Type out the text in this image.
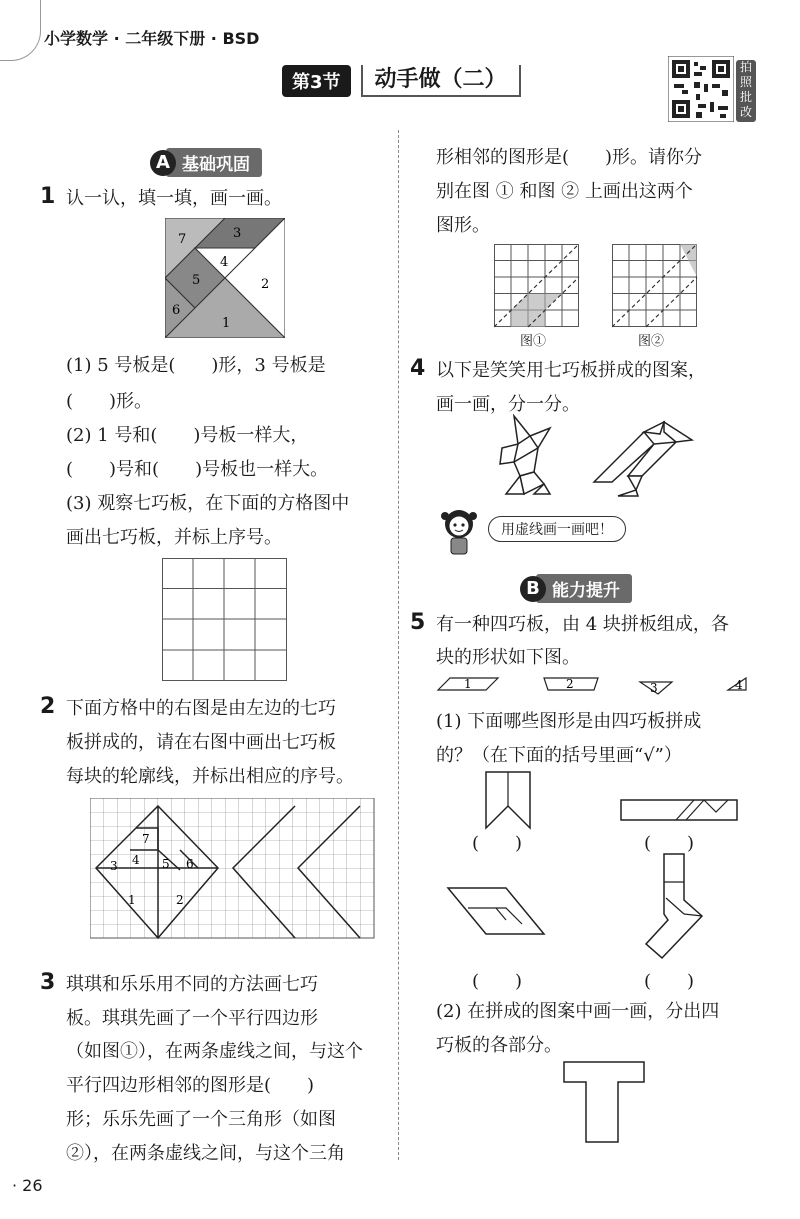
小学数学 · 二年级下册 · BSD
第3节	动手做（二）	拍照批改
A 基础巩固
1 认一认，填一填，画一画。
7	3
4
5	2
6
1
(1) 5 号板是(　　)形，3 号板是
(　　)形。
(2) 1 号和(　　)号板一样大，
(　　)号和(　　)号板也一样大。
(3) 观察七巧板，在下面的方格图中
画出七巧板，并标上序号。
2 下面方格中的右图是由左边的七巧
板拼成的，请在右图中画出七巧板
每块的轮廓线，并标出相应的序号。
7
3 4 5 6
1	2
3 琪琪和乐乐用不同的方法画七巧
板。琪琪先画了一个平行四边形
（如图①），在两条虚线之间，与这个
平行四边形相邻的图形是(　　)
形；乐乐先画了一个三角形（如图
②），在两条虚线之间，与这个三角
形相邻的图形是(　　)形。请你分
别在图 ① 和图 ② 上画出这两个
图形。
图①	图②
4 以下是笑笑用七巧板拼成的图案，
画一画，分一分。
用虚线画一画吧！
B 能力提升
5 有一种四巧板，由 4 块拼板组成，各
块的形状如下图。
1	2	3	4
(1) 下面哪些图形是由四巧板拼成
的？（在下面的括号里画“√”）
(　　)	(　　)
(　　)	(　　)
(2) 在拼成的图案中画一画，分出四
巧板的各部分。
· 26
